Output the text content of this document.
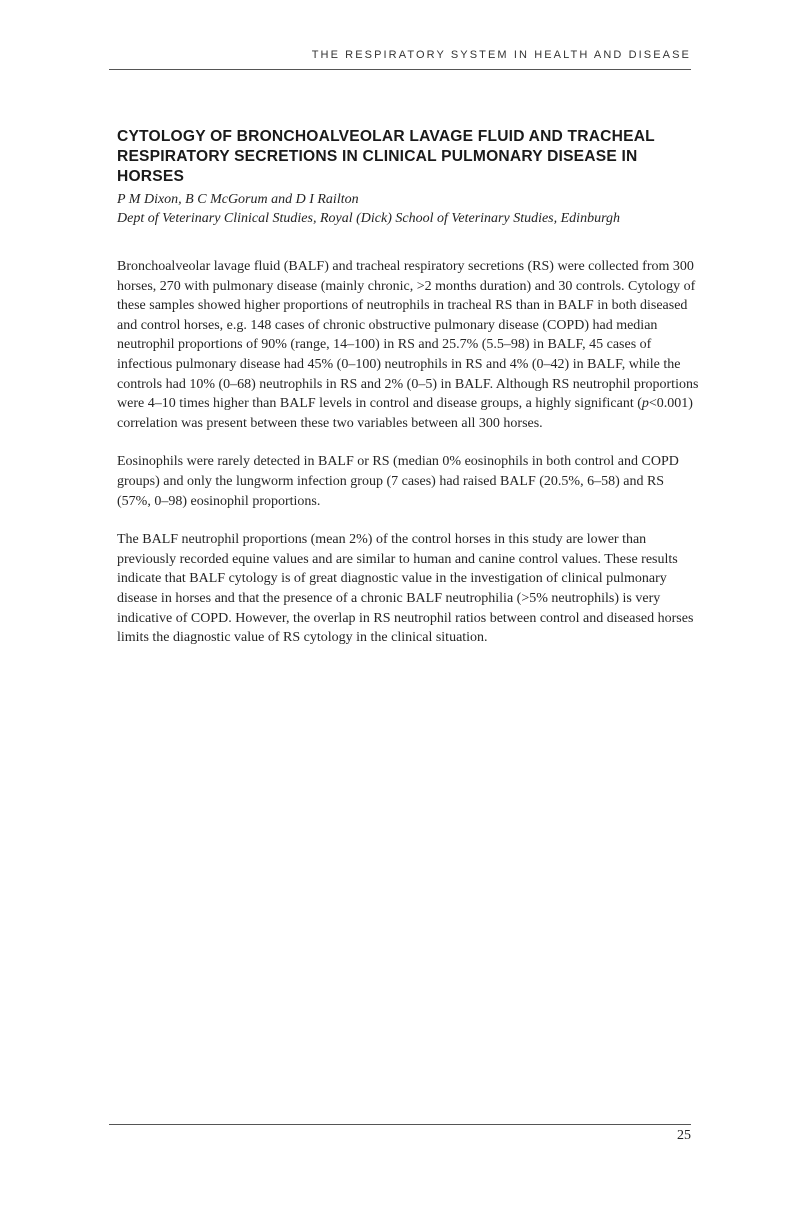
THE RESPIRATORY SYSTEM IN HEALTH AND DISEASE
CYTOLOGY OF BRONCHOALVEOLAR LAVAGE FLUID AND TRACHEAL RESPIRATORY SECRETIONS IN CLINICAL PULMONARY DISEASE IN HORSES

P M Dixon, B C McGorum and D I Railton

Dept of Veterinary Clinical Studies, Royal (Dick) School of Veterinary Studies, Edinburgh

Bronchoalveolar lavage fluid (BALF) and tracheal respiratory secretions (RS) were collected from 300 horses, 270 with pulmonary disease (mainly chronic, >2 months duration) and 30 controls. Cytology of these samples showed higher proportions of neutrophils in tracheal RS than in BALF in both diseased and control horses, e.g. 148 cases of chronic obstructive pulmonary disease (COPD) had median neutrophil proportions of 90% (range, 14–100) in RS and 25.7% (5.5–98) in BALF, 45 cases of infectious pulmonary disease had 45% (0–100) neutrophils in RS and 4% (0–42) in BALF, while the controls had 10% (0–68) neutrophils in RS and 2% (0–5) in BALF. Although RS neutrophil proportions were 4–10 times higher than BALF levels in control and disease groups, a highly significant (p<0.001) correlation was present between these two variables between all 300 horses.

Eosinophils were rarely detected in BALF or RS (median 0% eosinophils in both control and COPD groups) and only the lungworm infection group (7 cases) had raised BALF (20.5%, 6–58) and RS (57%, 0–98) eosinophil proportions.

The BALF neutrophil proportions (mean 2%) of the control horses in this study are lower than previously recorded equine values and are similar to human and canine control values. These results indicate that BALF cytology is of great diagnostic value in the investigation of clinical pulmonary disease in horses and that the presence of a chronic BALF neutrophilia (>5% neutrophils) is very indicative of COPD. However, the overlap in RS neutrophil ratios between control and diseased horses limits the diagnostic value of RS cytology in the clinical situation.

25
